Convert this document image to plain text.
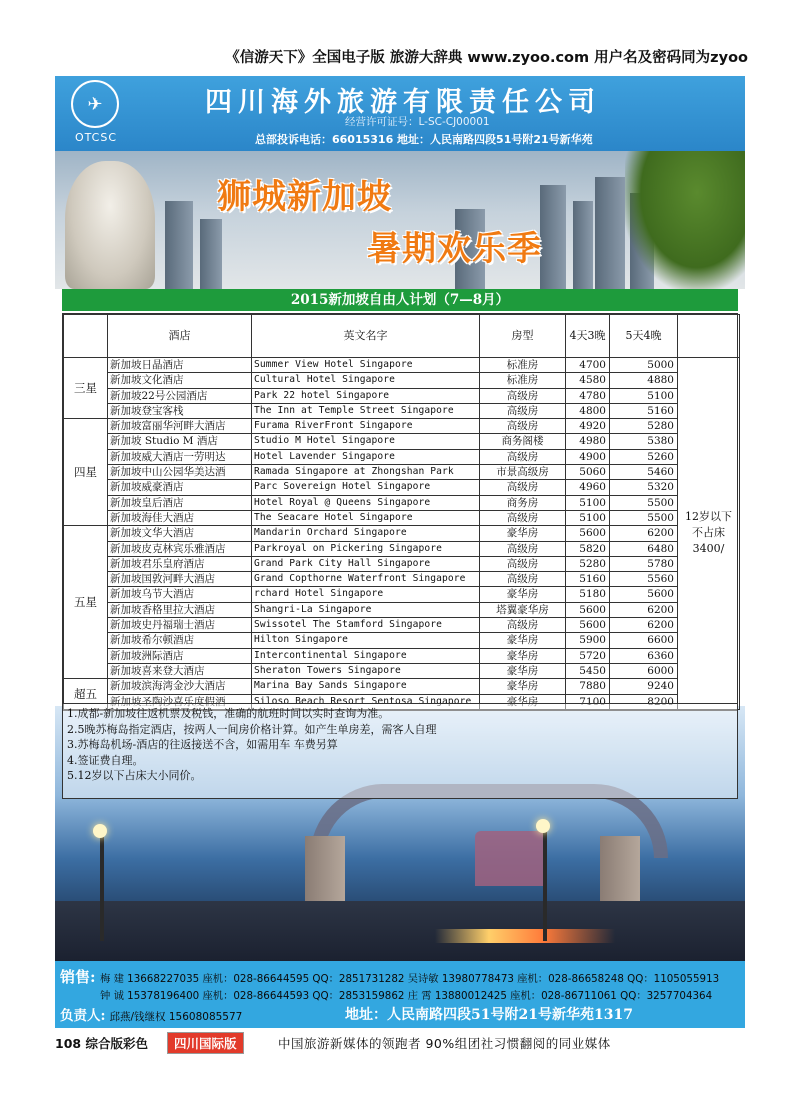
《信游天下》全国电子版 旅游大辞典 www.zyoo.com 用户名及密码同为zyoo
✈
OTCSC
四川海外旅游有限责任公司
经营许可证号：L-SC-CJ00001
总部投诉电话：66015316 地址：人民南路四段51号附21号新华苑
狮城新加坡
暑期欢乐季
2015新加坡自由人计划（7—8月）
	酒店	英文名字	房型	4天3晚	5天4晚	
三星	新加坡日晶酒店	Summer View Hotel Singapore	标准房	4700	5000	12岁以下不占床3400/
	新加坡文化酒店	Cultural Hotel Singapore	标准房	4580	4880	
	新加坡22号公园酒店	Park 22 hotel Singapore	高级房	4780	5100	
	新加坡登宝客栈	The Inn at Temple Street Singapore	高级房	4800	5160	
四星	新加坡富丽华河畔大酒店	Furama RiverFront Singapore	高级房	4920	5280	
	新加坡 Studio M 酒店	Studio M Hotel Singapore	商务阁楼	4980	5380	
	新加坡威大酒店一劳明达	Hotel Lavender Singapore	高级房	4900	5260	
	新加坡中山公园华美达酒	Ramada Singapore at Zhongshan Park	市景高级房	5060	5460	
	新加坡威豪酒店	Parc Sovereign Hotel Singapore	高级房	4960	5320	
	新加坡皇后酒店	Hotel Royal @ Queens Singapore	商务房	5100	5500	
	新加坡海佳大酒店	The Seacare Hotel Singapore	高级房	5100	5500	
五星	新加坡文华大酒店	Mandarin Orchard Singapore	豪华房	5600	6200	
	新加坡皮克林宾乐雅酒店	Parkroyal on Pickering Singapore	高级房	5820	6480	
	新加坡君乐皇府酒店	Grand Park City Hall Singapore	高级房	5280	5780	
	新加坡国敦河畔大酒店	Grand Copthorne Waterfront Singapore	高级房	5160	5560	
	新加坡乌节大酒店	rchard Hotel Singapore	豪华房	5180	5600	
	新加坡香格里拉大酒店	Shangri-La Singapore	塔翼豪华房	5600	6200	
	新加坡史丹福瑞士酒店	Swissotel The Stamford Singapore	高级房	5600	6200	
	新加坡希尔顿酒店	Hilton Singapore	豪华房	5900	6600	
	新加坡洲际酒店	Intercontinental Singapore	豪华房	5720	6360	
	新加坡喜来登大酒店	Sheraton Towers Singapore	豪华房	5450	6000	
超五	新加坡滨海湾金沙大酒店	Marina Bay Sands Singapore	豪华房	7880	9240	
	新加坡圣陶沙喜乐度假酒	Siloso Beach Resort Sentosa Singapore	豪华房	7100	8200	
1.成都-新加坡往返机票及税钱，准确的航班时间以实时查询为准。
2.5晚苏梅岛指定酒店，按两人一间房价格计算。如产生单房差，需客人自理
3.苏梅岛机场-酒店的往返接送不含，如需用车 车费另算
4.签证费自理。
5.12岁以下占床大小同价。
销售: 梅 建 13668227035 座机：028-86644595 QQ：2851731282 吴诗敏 13980778473 座机：028-86658248 QQ：1105055913
钟 诚 15378196400 座机：028-86644593 QQ：2853159862 庄 霄 13880012425 座机：028-86711061 QQ：3257704364
负责人: 邱燕/钱继权 15608085577	地址：人民南路四段51号附21号新华苑1317
108 综合版彩色	四川国际版	中国旅游新媒体的领跑者 90%组团社习惯翻阅的同业媒体
